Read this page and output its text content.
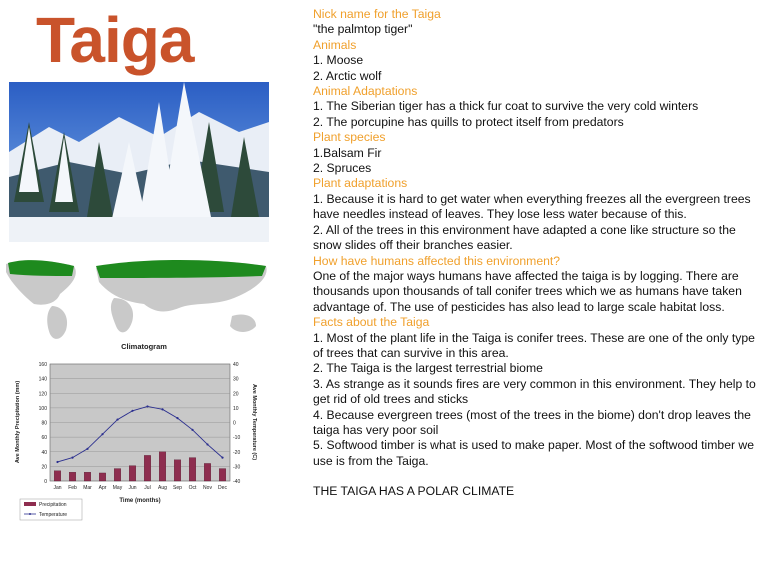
Taiga
Climatogram
0
20
40
60
80
100
120
140
160
-40
-30
-20
-10
0
10
20
30
40
Jan Feb Mar Apr May Jun Jul Aug Sep Oct Nov Dec
Time (months)
Ave Monthly Precipitation (mm)	Ave Monthly Temperature (C)
Precipitation
Temperature
Nick name for the Taiga
"the palmtop tiger"
Animals
1. Moose
2. Arctic wolf
Animal Adaptations
1. The Siberian tiger has a thick fur coat to survive the very cold winters
2. The porcupine has quills to protect itself from predators
Plant species
1.Balsam Fir
2. Spruces
Plant adaptations
1. Because it is hard to get water when everything freezes all the evergreen trees have needles instead of leaves. They lose less water because of this.
2. All of the trees in this environment have adapted a cone like structure so the snow slides off their branches easier.
How have humans affected this environment?
One of the major ways humans have affected the taiga is by logging. There are thousands upon thousands of tall conifer trees which we as humans have taken advantage of. The use of pesticides has also lead to large scale habitat loss.
Facts about the Taiga
1. Most of the plant life in the Taiga is conifer trees. These are one of the only type of trees that can survive in this area.
2. The Taiga is the largest terrestrial biome
3. As strange as it sounds fires are very common in this environment. They help to get rid of old trees and sticks
4. Because evergreen trees (most of the trees in the biome) don't drop leaves the taiga has very poor soil
5. Softwood timber is what is used to make paper. Most of the softwood timber we use is from the Taiga.
THE TAIGA HAS A POLAR CLIMATE
